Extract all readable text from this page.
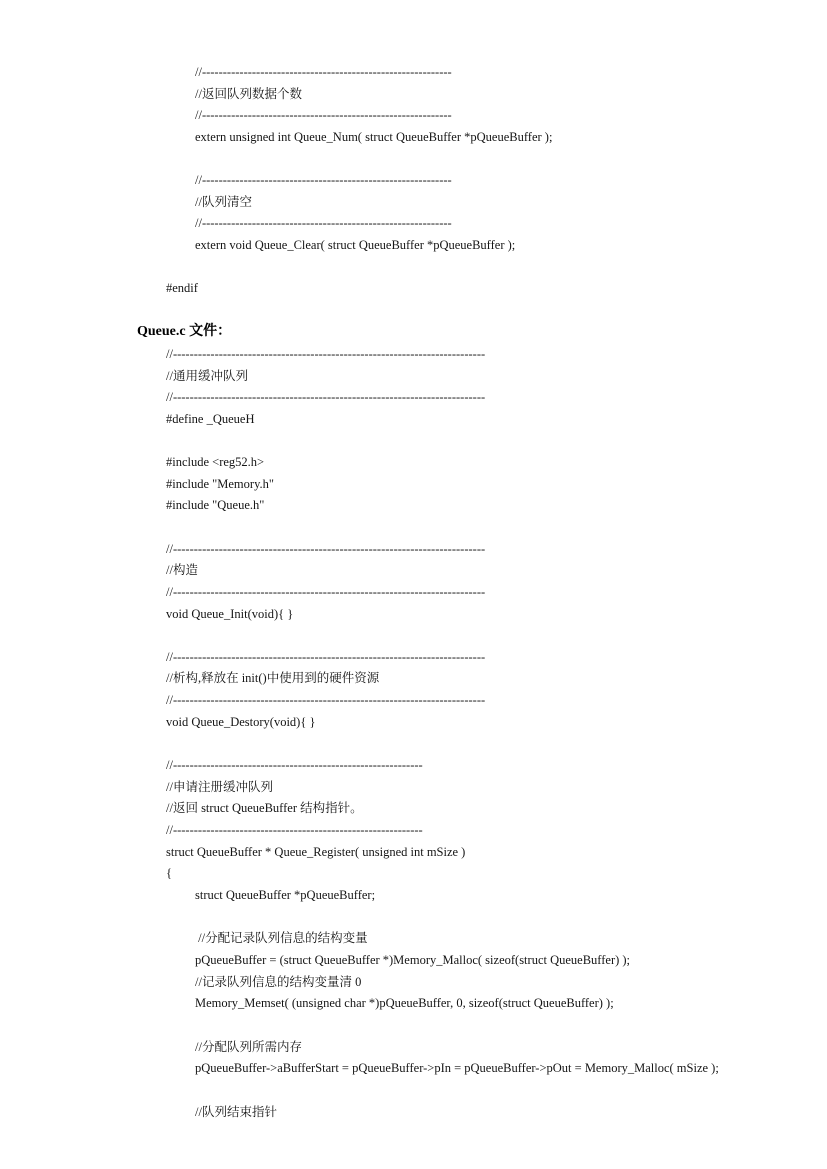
//------------------------------------------------------------
//返回队列数据个数
//------------------------------------------------------------
extern unsigned int Queue_Num( struct QueueBuffer *pQueueBuffer );
//------------------------------------------------------------
//队列清空
//------------------------------------------------------------
extern void Queue_Clear( struct QueueBuffer *pQueueBuffer );
#endif
Queue.c 文件：
//---------------------------------------------------------------------------
//通用缓冲队列
//---------------------------------------------------------------------------
#define _QueueH
#include <reg52.h>
#include "Memory.h"
#include "Queue.h"
//---------------------------------------------------------------------------
//构造
//---------------------------------------------------------------------------
void Queue_Init(void){ }
//---------------------------------------------------------------------------
//析构,释放在 init()中使用到的硬件资源
//---------------------------------------------------------------------------
void Queue_Destory(void){ }
//------------------------------------------------------------
//申请注册缓冲队列
//返回 struct QueueBuffer 结构指针。
//------------------------------------------------------------
struct QueueBuffer * Queue_Register( unsigned int mSize )
{
struct QueueBuffer *pQueueBuffer;
//分配记录队列信息的结构变量
pQueueBuffer = (struct QueueBuffer *)Memory_Malloc( sizeof(struct QueueBuffer) );
//记录队列信息的结构变量清 0
Memory_Memset( (unsigned char *)pQueueBuffer, 0, sizeof(struct QueueBuffer) );
//分配队列所需内存
pQueueBuffer->aBufferStart = pQueueBuffer->pIn = pQueueBuffer->pOut = Memory_Malloc( mSize );
//队列结束指针
